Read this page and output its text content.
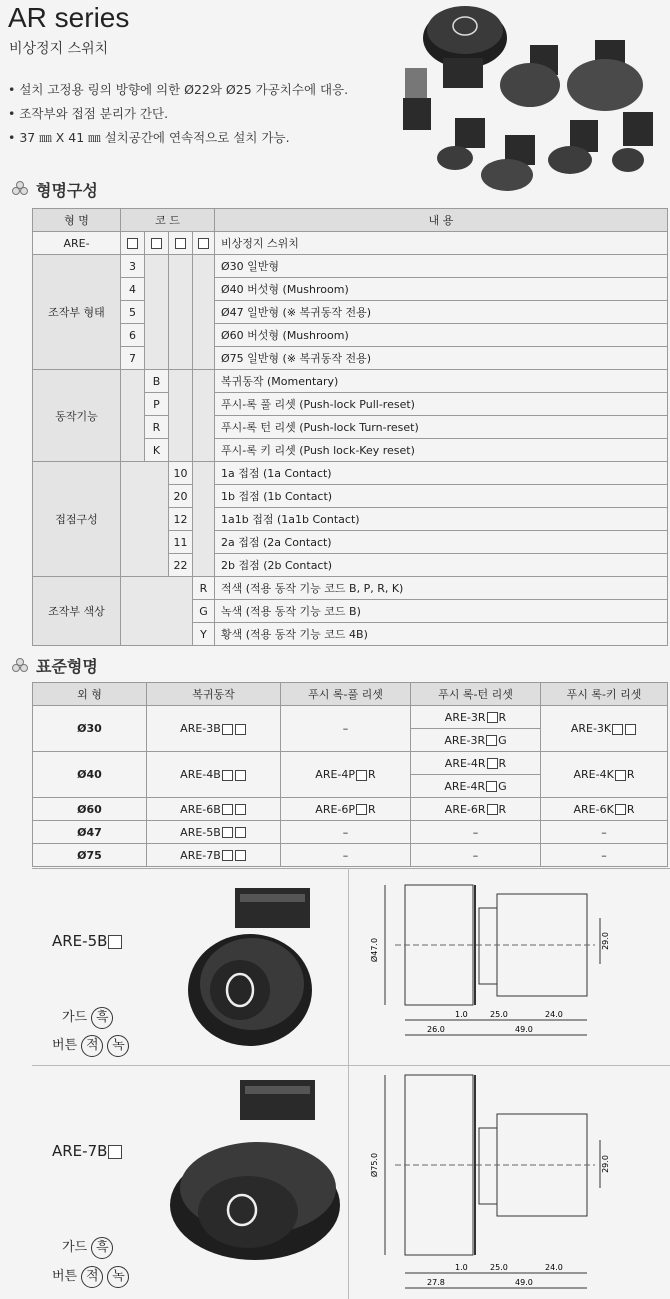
AR series
비상정지 스위치
• 설치 고정용 링의 방향에 의한 Ø22와 Ø25 가공치수에 대응.
• 조작부와 접점 분리가 간단.
• 37 ㎜ X 41 ㎜ 설치공간에 연속적으로 설치 가능.
형명구성
형 명	코 드				내 용
ARE-					비상정지 스위치
조작부 형태	3				Ø30 일반형
	4				Ø40 버섯형 (Mushroom)
	5				Ø47 일반형 (※ 복귀동작 전용)
	6				Ø60 버섯형 (Mushroom)
	7				Ø75 일반형 (※ 복귀동작 전용)
동작기능		B			복귀동작 (Momentary)
		P			푸시-록 풀 리셋 (Push-lock Pull-reset)
		R			푸시-록 턴 리셋 (Push-lock Turn-reset)
		K			푸시-록 키 리셋 (Push lock-Key reset)
접점구성			10		1a 접점 (1a Contact)
			20		1b 접점 (1b Contact)
			12		1a1b 접점 (1a1b Contact)
			11		2a 접점 (2a Contact)
			22		2b 접점 (2b Contact)
조작부 색상				R	적색 (적용 동작 기능 코드 B, P, R, K)
				G	녹색 (적용 동작 기능 코드 B)
				Y	황색 (적용 동작 기능 코드 4B)
표준형명
외 형	복귀동작	푸시 록-풀 리셋	푸시 록-턴 리셋	푸시 록-키 리셋
Ø30	ARE-3B	–	ARE-3R R	ARE-3K
			ARE-3R G	
Ø40	ARE-4B	ARE-4P R	ARE-4R R	ARE-4K R
			ARE-4R G	
Ø60	ARE-6B	ARE-6P R	ARE-6R R	ARE-6K R
Ø47	ARE-5B	–	–	–
Ø75	ARE-7B	–	–	–
ARE-5B
가드 흑
버튼 적 녹
Ø47.0	29.0
1.0	25.0	24.0
26.0	49.0
ARE-7B
가드 흑
버튼 적 녹
Ø75.0	29.0
1.0	25.0	24.0
27.8	49.0
